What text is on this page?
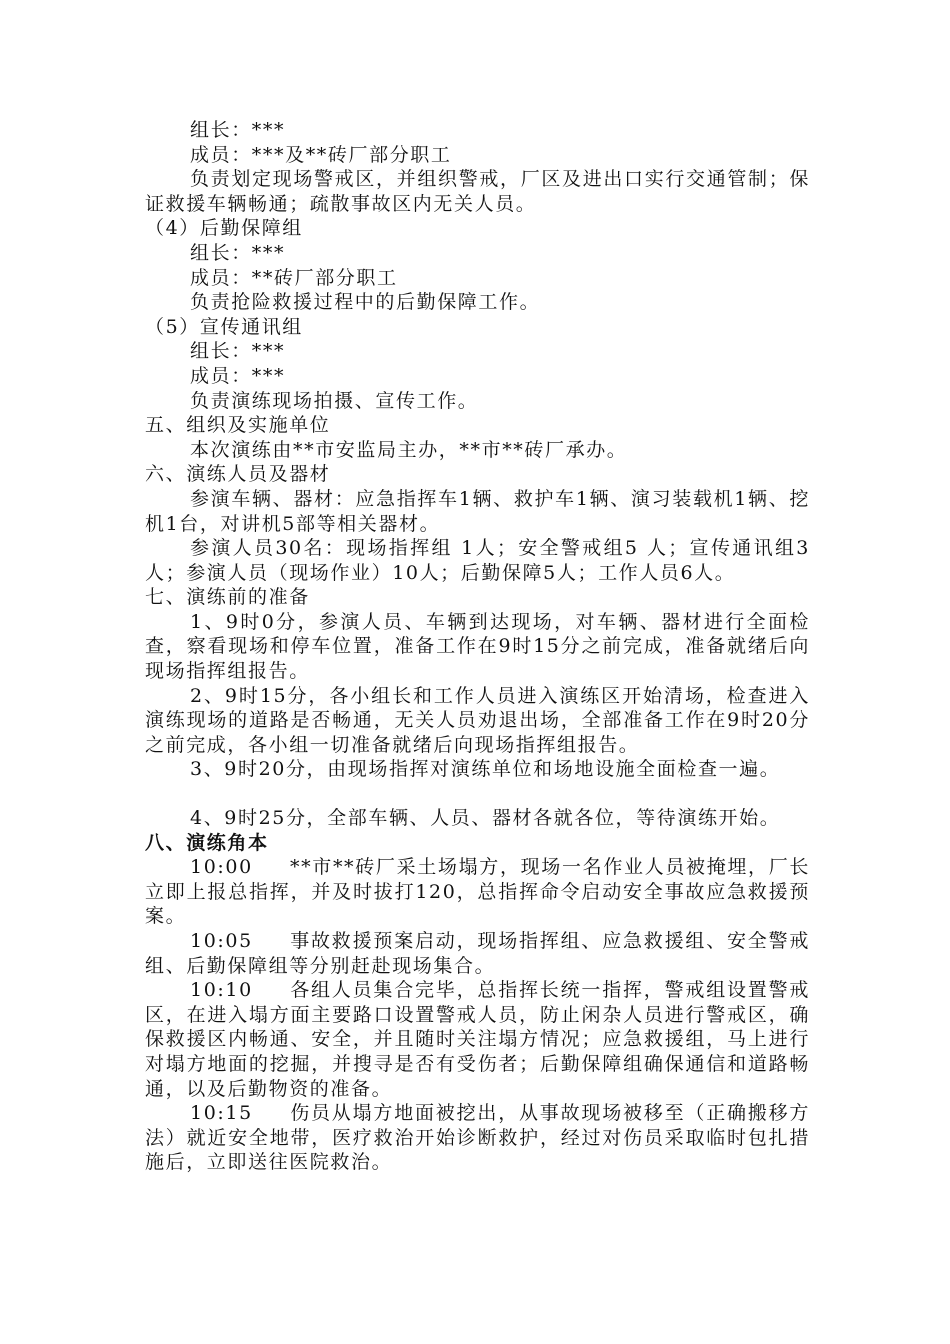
组长：***

成员：***及**砖厂部分职工

负责划定现场警戒区，并组织警戒，厂区及进出口实行交通管制；保证救援车辆畅通；疏散事故区内无关人员。

（4）后勤保障组

组长：***

成员：**砖厂部分职工

负责抢险救援过程中的后勤保障工作。

（5）宣传通讯组

组长：***

成员：***

负责演练现场拍摄、宣传工作。

五、组织及实施单位

本次演练由**市安监局主办，**市**砖厂承办。

六、演练人员及器材

参演车辆、器材：应急指挥车1辆、救护车1辆、演习装载机1辆、挖机1台，对讲机5部等相关器材。

参演人员30名：现场指挥组 1人；安全警戒组5 人；宣传通讯组3人；参演人员（现场作业）10人；后勤保障5人；工作人员6人。

七、演练前的准备

1、9时0分，参演人员、车辆到达现场，对车辆、器材进行全面检查，察看现场和停车位置，准备工作在9时15分之前完成，准备就绪后向现场指挥组报告。

2、9时15分，各小组长和工作人员进入演练区开始清场，检查进入演练现场的道路是否畅通，无关人员劝退出场，全部准备工作在9时20分之前完成，各小组一切准备就绪后向现场指挥组报告。

3、9时20分，由现场指挥对演练单位和场地设施全面检查一遍。

4、9时25分，全部车辆、人员、器材各就各位，等待演练开始。

八、演练角本

10:00 **市**砖厂采土场塌方，现场一名作业人员被掩埋，厂长立即上报总指挥，并及时拔打120，总指挥命令启动安全事故应急救援预案。

10:05 事故救援预案启动，现场指挥组、应急救援组、安全警戒组、后勤保障组等分别赶赴现场集合。

10:10 各组人员集合完毕，总指挥长统一指挥，警戒组设置警戒区，在进入塌方面主要路口设置警戒人员，防止闲杂人员进行警戒区，确保救援区内畅通、安全，并且随时关注塌方情况；应急救援组，马上进行对塌方地面的挖掘，并搜寻是否有受伤者；后勤保障组确保通信和道路畅通，以及后勤物资的准备。

10:15 伤员从塌方地面被挖出，从事故现场被移至（正确搬移方法）就近安全地带，医疗救治开始诊断救护，经过对伤员采取临时包扎措施后，立即送往医院救治。
